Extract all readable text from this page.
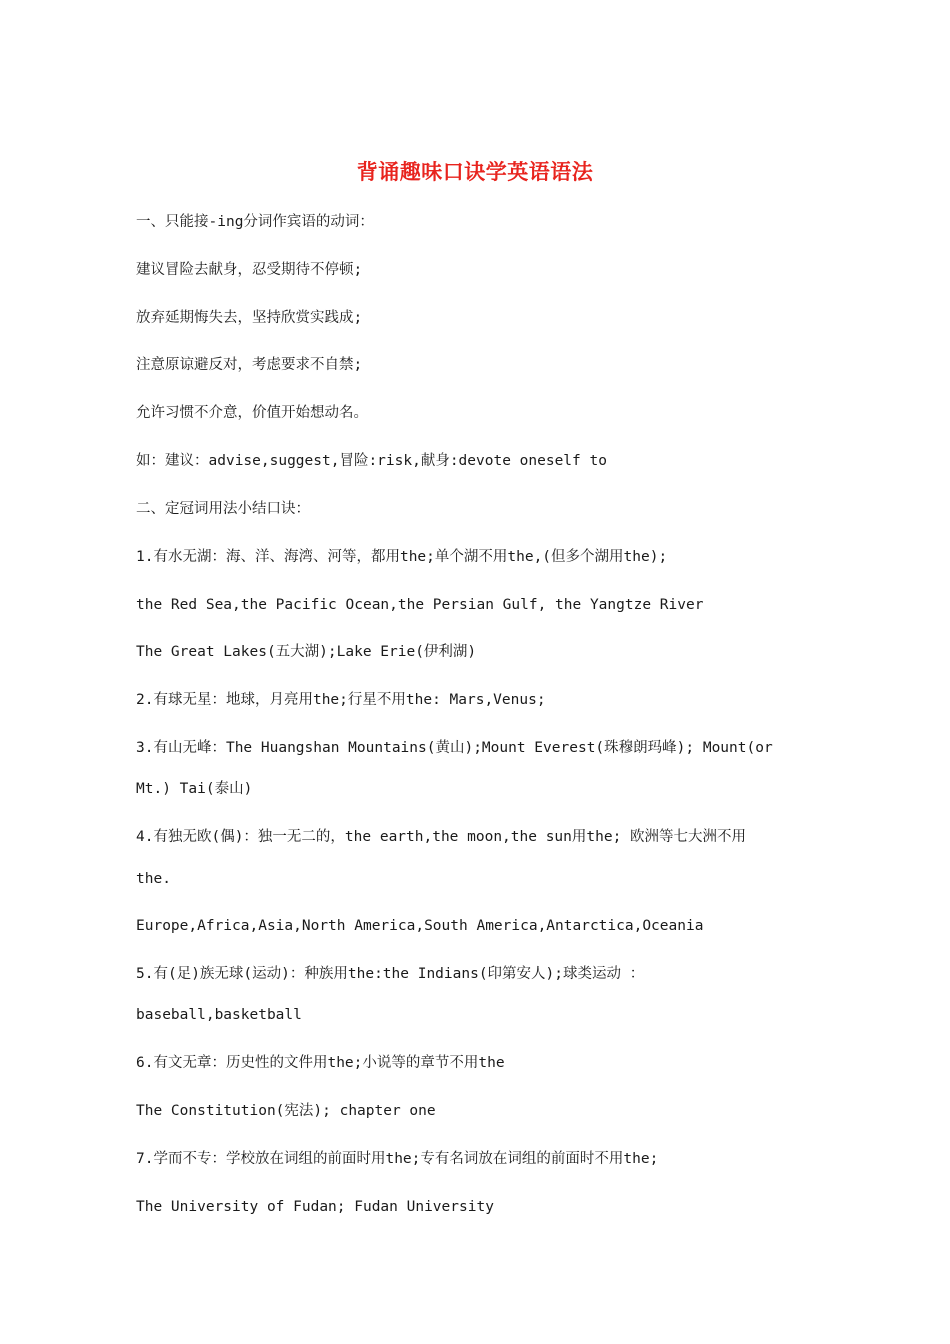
背诵趣味口诀学英语语法
一、只能接-ing分词作宾语的动词：
建议冒险去献身，忍受期待不停顿;
放弃延期悔失去，坚持欣赏实践成;
注意原谅避反对，考虑要求不自禁;
允许习惯不介意，价值开始想动名。
如：建议：advise,suggest,冒险:risk,献身:devote oneself to
二、定冠词用法小结口诀：
1.有水无湖：海、洋、海湾、河等，都用the;单个湖不用the,(但多个湖用the);
the Red Sea,the Pacific Ocean,the Persian Gulf, the Yangtze River
The Great Lakes(五大湖);Lake Erie(伊利湖)
2.有球无星：地球，月亮用the;行星不用the: Mars,Venus;
3.有山无峰：The Huangshan Mountains(黄山);Mount Everest(珠穆朗玛峰); Mount(or
Mt.) Tai(泰山)
4.有独无欧(偶)：独一无二的，the earth,the moon,the sun用the; 欧洲等七大洲不用
the.
Europe,Africa,Asia,North America,South America,Antarctica,Oceania
5.有(足)族无球(运动)：种族用the:the Indians(印第安人);球类运动 ：
baseball,basketball
6.有文无章：历史性的文件用the;小说等的章节不用the
The Constitution(宪法); chapter one
7.学而不专：学校放在词组的前面时用the;专有名词放在词组的前面时不用the;
The University of Fudan; Fudan University
